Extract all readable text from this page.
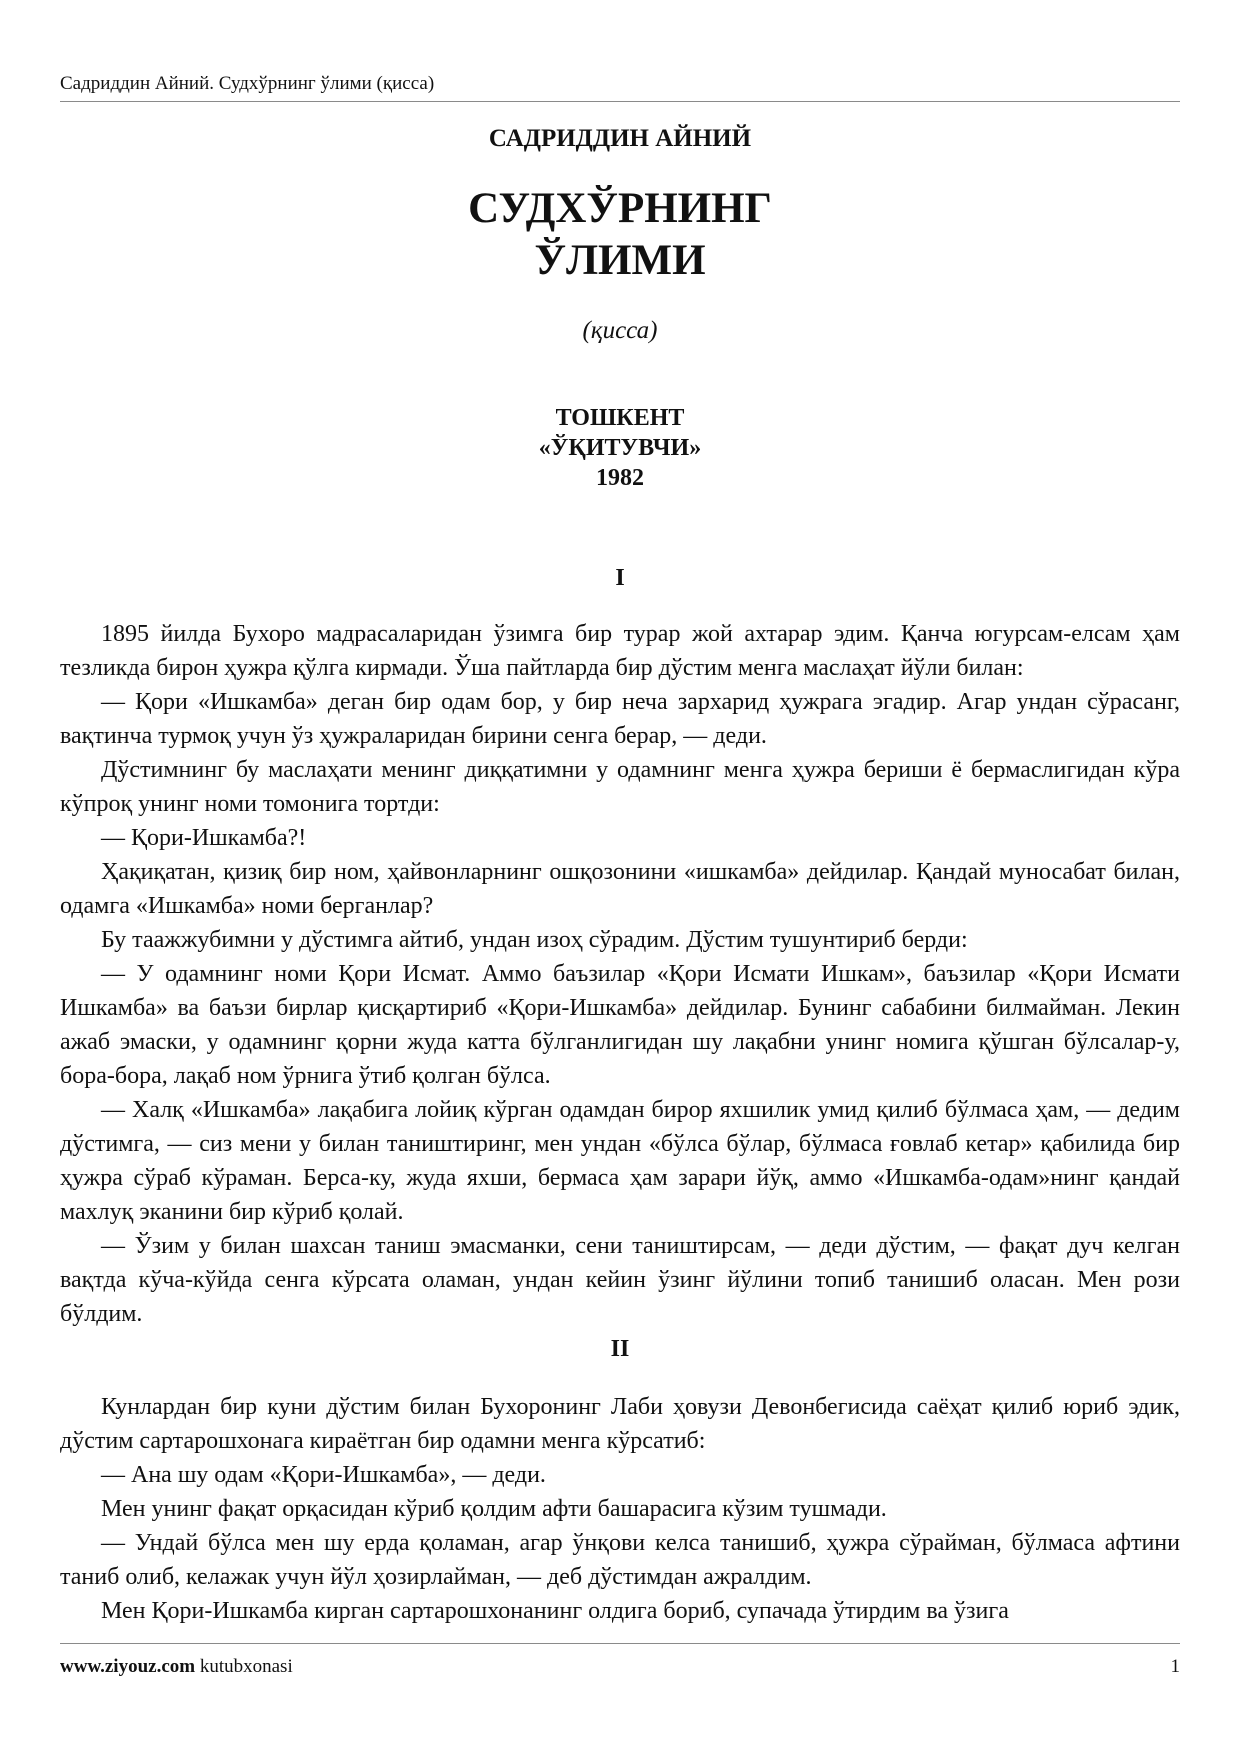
Садриддин Айний. Судхўрнинг ўлими (қисса)
САДРИДДИН АЙНИЙ
СУДХЎРНИНГ
ЎЛИМИ
(қисса)
ТОШКЕНТ
«ЎҚИТУВЧИ»
1982
I

1895 йилда Бухоро мадрасаларидан ўзимга бир турар жой ахтарар эдим. Қанча югурсам-елсам ҳам тезликда бирон ҳужра қўлга кирмади. Ўша пайтларда бир дўстим менга маслаҳат йўли билан:

— Қори «Ишкамба» деган бир одам бор, у бир неча зархарид ҳужрага эгадир. Агар ундан сўрасанг, вақтинча турмоқ учун ўз ҳужраларидан бирини сенга берар, — деди.

Дўстимнинг бу маслаҳати менинг диққатимни у одамнинг менга ҳужра бериши ё бермаслигидан кўра кўпроқ унинг номи томонига тортди:

— Қори-Ишкамба?!

Ҳақиқатан, қизиқ бир ном, ҳайвонларнинг ошқозонини «ишкамба» дейдилар. Қандай муносабат билан, одамга «Ишкамба» номи берганлар?

Бу таажжубимни у дўстимга айтиб, ундан изоҳ сўрадим. Дўстим тушунтириб берди:

— У одамнинг номи Қори Исмат. Аммо баъзилар «Қори Исмати Ишкам», баъзилар «Қори Исмати Ишкамба» ва баъзи бирлар қисқартириб «Қори-Ишкамба» дейдилар. Бунинг сабабини билмайман. Лекин ажаб эмаски, у одамнинг қорни жуда катта бўлганлигидан шу лақабни унинг номига қўшган бўлсалар-у, бора-бора, лақаб ном ўрнига ўтиб қолган бўлса.

— Халқ «Ишкамба» лақабига лойиқ кўрган одамдан бирор яхшилик умид қилиб бўлмаса ҳам, — дедим дўстимга, — сиз мени у билан таништиринг, мен ундан «бўлса бўлар, бўлмаса ғовлаб кетар» қабилида бир ҳужра сўраб кўраман. Берса-ку, жуда яхши, бермаса ҳам зарари йўқ, аммо «Ишкамба-одам»нинг қандай махлуқ эканини бир кўриб қолай.

— Ўзим у билан шахсан таниш эмасманки, сени таништирсам, — деди дўстим, — фақат дуч келган вақтда кўча-кўйда сенга кўрсата оламан, ундан кейин ўзинг йўлини топиб танишиб оласан. Мен рози бўлдим.

II

Кунлардан бир куни дўстим билан Бухоронинг Лаби ҳовузи Девонбегисида саёҳат қилиб юриб эдик, дўстим сартарошхонага кираётган бир одамни менга кўрсатиб:

— Ана шу одам «Қори-Ишкамба», — деди.

Мен унинг фақат орқасидан кўриб қолдим афти башарасига кўзим тушмади.

— Ундай бўлса мен шу ерда қоламан, агар ўнқови келса танишиб, ҳужра сўрайман, бўлмаса афтини таниб олиб, келажак учун йўл ҳозирлайман, — деб дўстимдан ажралдим.

Мен Қори-Ишкамба кирган сартарошхонанинг олдига бориб, супачада ўтирдим ва ўзига

www.ziyouz.com kutubxonasi	1
